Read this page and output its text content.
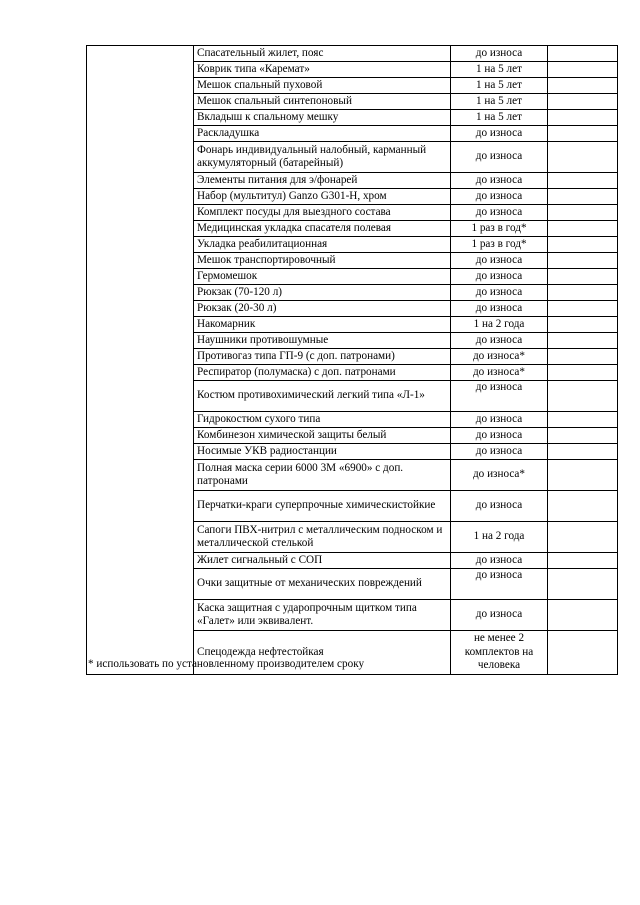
	Спасательный жилет, пояс	до износа	
	Коврик типа «Каремат»	1 на 5 лет	
	Мешок спальный пуховой	1 на 5 лет	
	Мешок спальный синтепоновый	1 на 5 лет	
	Вкладыш к спальному мешку	1 на 5 лет	
	Раскладушка	до износа	
	Фонарь индивидуальный налобный, карманный аккумуляторный (батарейный)	до износа	
	Элементы питания для э/фонарей	до износа	
	Набор (мультитул) Ganzo G301-H, хром	до износа	
	Комплект посуды для выездного состава	до износа	
	Медицинская укладка спасателя полевая	1 раз в год*	
	Укладка реабилитационная	1 раз в год*	
	Мешок транспортировочный	до износа	
	Гермомешок	до износа	
	Рюкзак (70-120 л)	до износа	
	Рюкзак (20-30 л)	до износа	
	Накомарник	1 на 2 года	
	Наушники противошумные	до износа	
	Противогаз типа ГП-9 (с доп. патронами)	до износа*	
	Респиратор (полумаска) с доп. патронами	до износа*	
	Костюм противохимический легкий типа «Л-1»	до износа	
	Гидрокостюм сухого типа	до износа	
	Комбинезон химической защиты белый	до износа	
	Носимые УКВ радиостанции	до износа	
	Полная маска серии 6000 3М «6900» с доп. патронами	до износа*	
	Перчатки-краги суперпрочные химическистойкие	до износа	
	Сапоги ПВХ-нитрил с металлическим подноском и металлической стелькой	1 на 2 года	
	Жилет сигнальный с СОП	до износа	
	Очки защитные от механических повреждений	до износа	
	Каска защитная с ударопрочным щитком типа «Галет» или эквивалент.	до износа	
	Спецодежда нефтестойкая	не менее 2 комплектов на человека	
* использовать по установленному производителем сроку
